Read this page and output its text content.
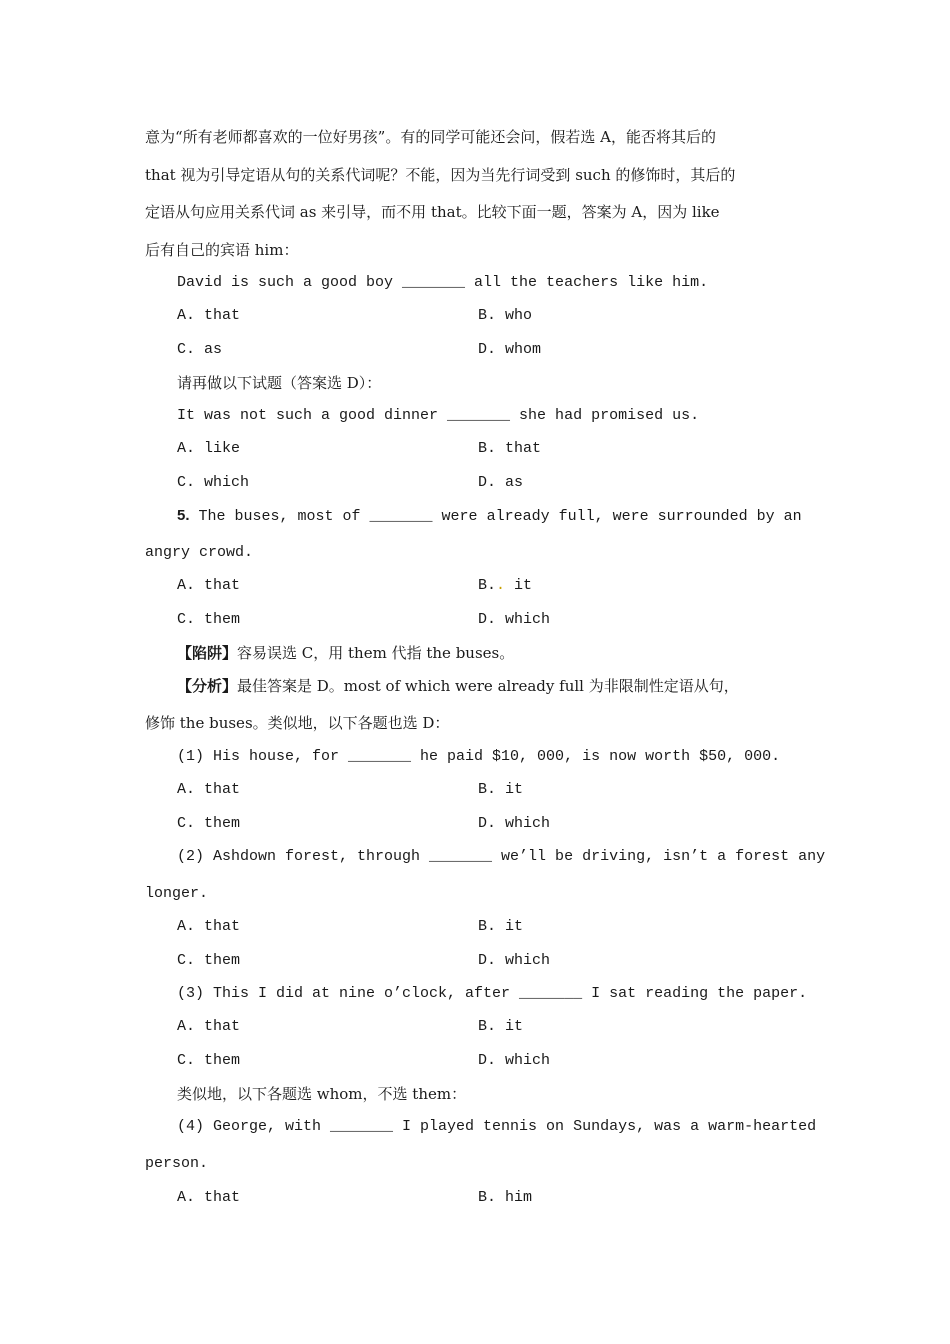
意为“所有老师都喜欢的一位好男孩”。有的同学可能还会问，假若选 A，能否将其后的
that 视为引导定语从句的关系代词呢？不能，因为当先行词受到 such 的修饰时，其后的
定语从句应用关系代词 as 来引导，而不用 that。比较下面一题，答案为 A，因为 like
后有自己的宾语 him：
David is such a good boy _______ all the teachers like him.
A. that	B. who
C. as	D. whom
请再做以下试题（答案选 D）：
It was not such a good dinner _______ she had promised us.
A. like	B. that
C. which	D. as
5. The buses, most of _______ were already full, were surrounded by an
angry crowd.
A. that	B.. it
C. them	D. which
【陷阱】容易误选 C，用 them 代指 the buses。
【分析】最佳答案是 D。most of which were already full 为非限制性定语从句，
修饰 the buses。类似地，以下各题也选 D：
(1) His house, for _______ he paid $10, 000, is now worth $50, 000.
A. that	B. it
C. them	D. which
(2) Ashdown forest, through _______ we’ll be driving, isn’t a forest any
longer.
A. that	B. it
C. them	D. which
(3) This I did at nine o’clock, after _______ I sat reading the paper.
A. that	B. it
C. them	D. which
类似地，以下各题选 whom，不选 them：
(4) George, with _______ I played tennis on Sundays, was a warm-hearted
person.
A. that	B. him
